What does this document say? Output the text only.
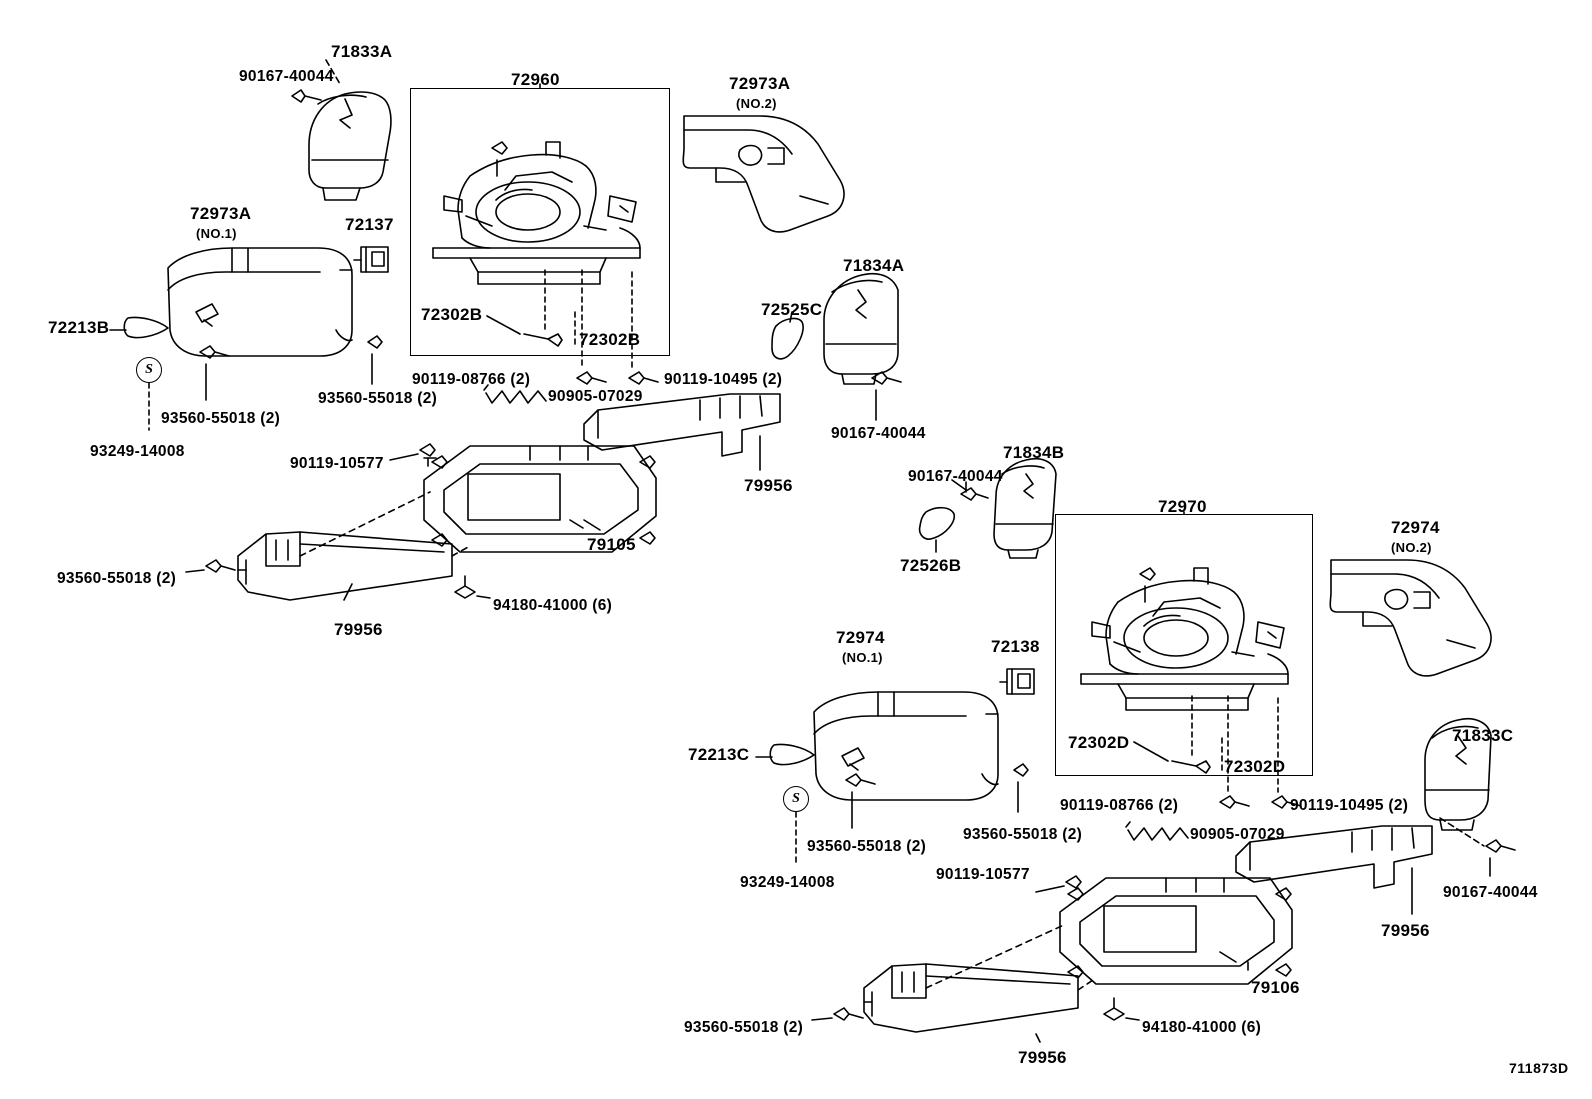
71833A
90167-40044	72960	72973A
(NO.2)
72973A
(NO.1)	72137
71834A
72525C
72213B
72302B
72302B
93560-55018 (2)
93249-14008
93560-55018 (2)
90119-08766 (2)
90905-07029
90119-10495 (2)
90167-40044
71834B
90167-40044
72970
72974
(NO.2)
90119-10577
79956
79105
72526B
93560-55018 (2)
94180-41000 (6)
79956	72974
(NO.1)
72138
71833C
72302D
72302D
72213C
90119-08766 (2)	90119-10495 (2)
93560-55018 (2)	90905-07029
93560-55018 (2)
93249-14008
90167-40044
90119-10577
79956
79106
94180-41000 (6)
93560-55018 (2)
79956
S
S
711873D
